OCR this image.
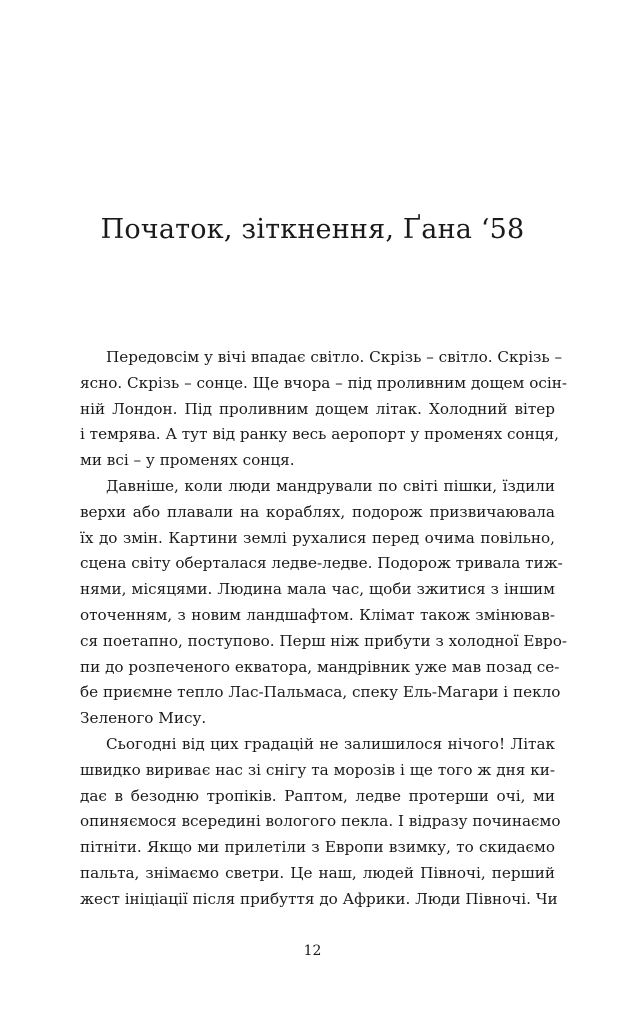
Початок, зіткнення, Ґана ‘58

Передовсім у вічі впадає світло. Скрізь – світло. Скрізь –
ясно. Скрізь – сонце. Ще вчора – під проливним дощем осін-
ній Лондон. Під проливним дощем літак. Холодний вітер
і темрява. А тут від ранку весь аеропорт у променях сонця,
ми всі – у променях сонця.

Давніше, коли люди мандрували по світі пішки, їздили
верхи або плавали на кораблях, подорож призвичаювала
їх до змін. Картини землі рухалися перед очима повільно,
сцена світу оберталася ледве-ледве. Подорож тривала тиж-
нями, місяцями. Людина мала час, щоби зжитися з іншим
оточенням, з новим ландшафтом. Клімат також змінював-
ся поетапно, поступово. Перш ніж прибути з холодної Евро-
пи до розпеченого екватора, мандрівник уже мав позад се-
бе приємне тепло Лас-Пальмаса, спеку Ель-Магари і пекло
Зеленого Мису.

Сьогодні від цих градацій не залишилося нічого! Літак
швидко вириває нас зі снігу та морозів і ще того ж дня ки-
дає в безодню тропіків. Раптом, ледве протерши очі, ми
опиняємося всередині вологого пекла. І відразу починаємо
пітніти. Якщо ми прилетіли з Европи взимку, то скидаємо
пальта, знімаємо светри. Це наш, людей Півночі, перший
жест ініціації після прибуття до Африки. Люди Півночі. Чи

12
